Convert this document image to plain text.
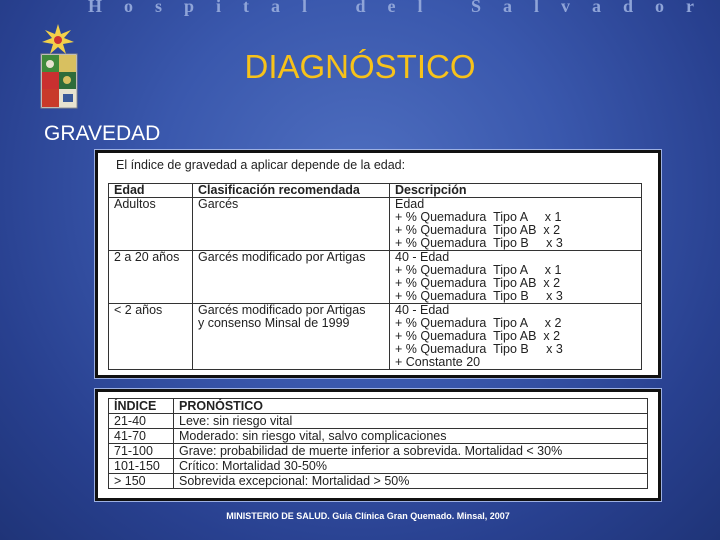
Hospital del Salvador
DIAGNÓSTICO
GRAVEDAD
El índice de gravedad a aplicar depende de la edad:
Edad	Clasificación recomendada	Descripción
Adultos	Garcés	Edad
+ % Quemadura  Tipo A     x 1
+ % Quemadura  Tipo AB  x 2
+ % Quemadura  Tipo B     x 3
2 a 20 años	Garcés modificado por Artigas	40 - Edad
+ % Quemadura  Tipo A     x 1
+ % Quemadura  Tipo AB  x 2
+ % Quemadura  Tipo B     x 3
< 2 años	Garcés modificado por Artigas
y consenso Minsal de 1999	40 - Edad
+ % Quemadura  Tipo A     x 2
+ % Quemadura  Tipo AB  x 2
+ % Quemadura  Tipo B     x 3
+ Constante 20
ÍNDICE	PRONÓSTICO
21-40	Leve: sin riesgo vital
41-70	Moderado: sin riesgo vital, salvo complicaciones
71-100	Grave: probabilidad de muerte inferior a sobrevida. Mortalidad < 30%
101-150	Crítico: Mortalidad 30-50%
> 150	Sobrevida excepcional: Mortalidad > 50%
MINISTERIO DE SALUD. Guía Clínica Gran Quemado. Minsal, 2007
